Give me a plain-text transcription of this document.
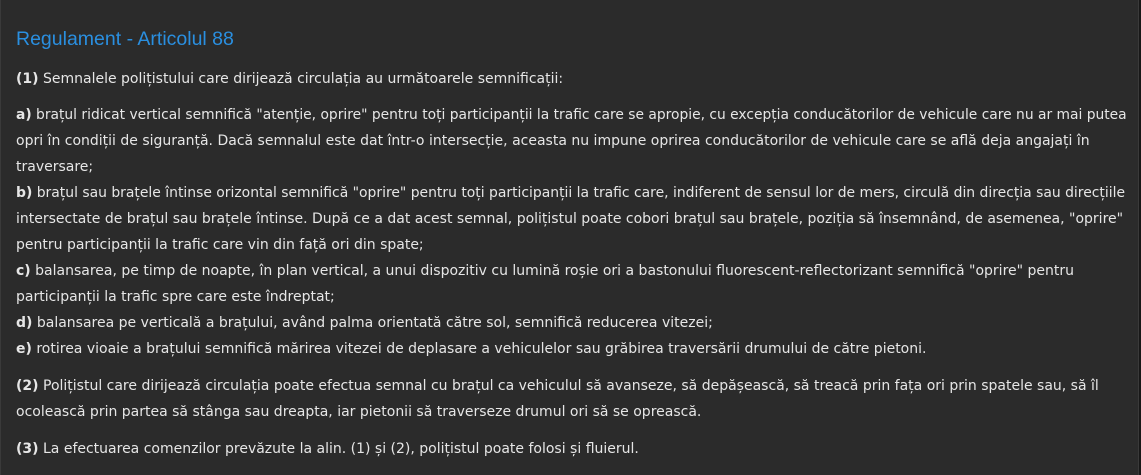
Regulament - Articolul 88

(1) Semnalele polițistului care dirijează circulația au următoarele semnificații:

a) brațul ridicat vertical semnifică "atenție, oprire" pentru toți participanții la trafic care se apropie, cu excepția conducătorilor de vehicule care nu ar mai putea
opri în condiții de siguranță. Dacă semnalul este dat într-o intersecție, aceasta nu impune oprirea conducătorilor de vehicule care se află deja angajați în
traversare;
b) brațul sau brațele întinse orizontal semnifică "oprire" pentru toți participanții la trafic care, indiferent de sensul lor de mers, circulă din direcția sau direcțiile
intersectate de brațul sau brațele întinse. După ce a dat acest semnal, polițistul poate cobori brațul sau brațele, poziția să însemnând, de asemenea, "oprire"
pentru participanții la trafic care vin din față ori din spate;
c) balansarea, pe timp de noapte, în plan vertical, a unui dispozitiv cu lumină roșie ori a bastonului fluorescent-reflectorizant semnifică "oprire" pentru
participanții la trafic spre care este îndreptat;
d) balansarea pe verticală a brațului, având palma orientată către sol, semnifică reducerea vitezei;
e) rotirea vioaie a brațului semnifică mărirea vitezei de deplasare a vehiculelor sau grăbirea traversării drumului de către pietoni.

(2) Polițistul care dirijează circulația poate efectua semnal cu brațul ca vehiculul să avanseze, să depășească, să treacă prin fața ori prin spatele sau, să îl
ocolească prin partea să stânga sau dreapta, iar pietonii să traverseze drumul ori să se oprească.

(3) La efectuarea comenzilor prevăzute la alin. (1) și (2), polițistul poate folosi și fluierul.
